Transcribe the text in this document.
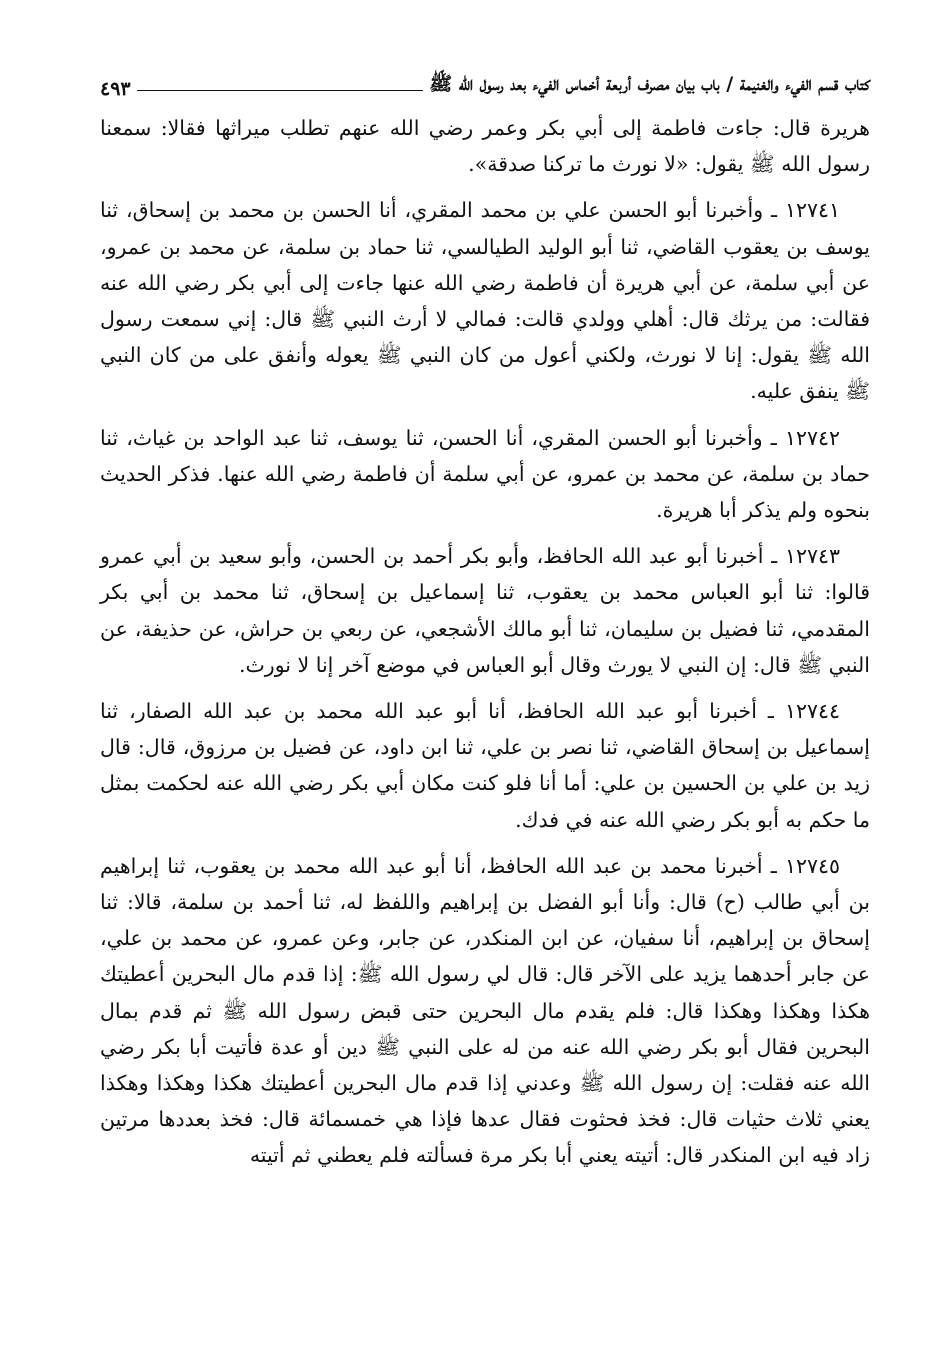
كتاب قسم الفيء والغنيمة / باب بيان مصرف أربعة أخماس الفيء بعد رسول الله ﷺ
٤٩٣

هريرة قال: جاءت فاطمة إلى أبي بكر وعمر رضي الله عنهم تطلب ميراثها فقالا: سمعنا رسول الله ﷺ يقول: «لا نورث ما تركنا صدقة».

١٢٧٤١ ـ وأخبرنا أبو الحسن علي بن محمد المقري، أنا الحسن بن محمد بن إسحاق، ثنا يوسف بن يعقوب القاضي، ثنا أبو الوليد الطيالسي، ثنا حماد بن سلمة، عن محمد بن عمرو، عن أبي سلمة، عن أبي هريرة أن فاطمة رضي الله عنها جاءت إلى أبي بكر رضي الله عنه فقالت: من يرثك قال: أهلي وولدي قالت: فمالي لا أرث النبي ﷺ قال: إني سمعت رسول الله ﷺ يقول: إنا لا نورث، ولكني أعول من كان النبي ﷺ يعوله وأنفق على من كان النبي ﷺ ينفق عليه.

١٢٧٤٢ ـ وأخبرنا أبو الحسن المقري، أنا الحسن، ثنا يوسف، ثنا عبد الواحد بن غياث، ثنا حماد بن سلمة، عن محمد بن عمرو، عن أبي سلمة أن فاطمة رضي الله عنها. فذكر الحديث بنحوه ولم يذكر أبا هريرة.

١٢٧٤٣ ـ أخبرنا أبو عبد الله الحافظ، وأبو بكر أحمد بن الحسن، وأبو سعيد بن أبي عمرو قالوا: ثنا أبو العباس محمد بن يعقوب، ثنا إسماعيل بن إسحاق، ثنا محمد بن أبي بكر المقدمي، ثنا فضيل بن سليمان، ثنا أبو مالك الأشجعي، عن ربعي بن حراش، عن حذيفة، عن النبي ﷺ قال: إن النبي لا يورث وقال أبو العباس في موضع آخر إنا لا نورث.

١٢٧٤٤ ـ أخبرنا أبو عبد الله الحافظ، أنا أبو عبد الله محمد بن عبد الله الصفار، ثنا إسماعيل بن إسحاق القاضي، ثنا نصر بن علي، ثنا ابن داود، عن فضيل بن مرزوق، قال: قال زيد بن علي بن الحسين بن علي: أما أنا فلو كنت مكان أبي بكر رضي الله عنه لحكمت بمثل ما حكم به أبو بكر رضي الله عنه في فدك.

١٢٧٤٥ ـ أخبرنا محمد بن عبد الله الحافظ، أنا أبو عبد الله محمد بن يعقوب، ثنا إبراهيم بن أبي طالب (ح) قال: وأنا أبو الفضل بن إبراهيم واللفظ له، ثنا أحمد بن سلمة، قالا: ثنا إسحاق بن إبراهيم، أنا سفيان، عن ابن المنكدر، عن جابر، وعن عمرو، عن محمد بن علي، عن جابر أحدهما يزيد على الآخر قال: قال لي رسول الله ﷺ: إذا قدم مال البحرين أعطيتك هكذا وهكذا وهكذا قال: فلم يقدم مال البحرين حتى قبض رسول الله ﷺ ثم قدم بمال البحرين فقال أبو بكر رضي الله عنه من له على النبي ﷺ دين أو عدة فأتيت أبا بكر رضي الله عنه فقلت: إن رسول الله ﷺ وعدني إذا قدم مال البحرين أعطيتك هكذا وهكذا وهكذا يعني ثلاث حثيات قال: فخذ فحثوت فقال عدها فإذا هي خمسمائة قال: فخذ بعددها مرتين زاد فيه ابن المنكدر قال: أتيته يعني أبا بكر مرة فسألته فلم يعطني ثم أتيته
